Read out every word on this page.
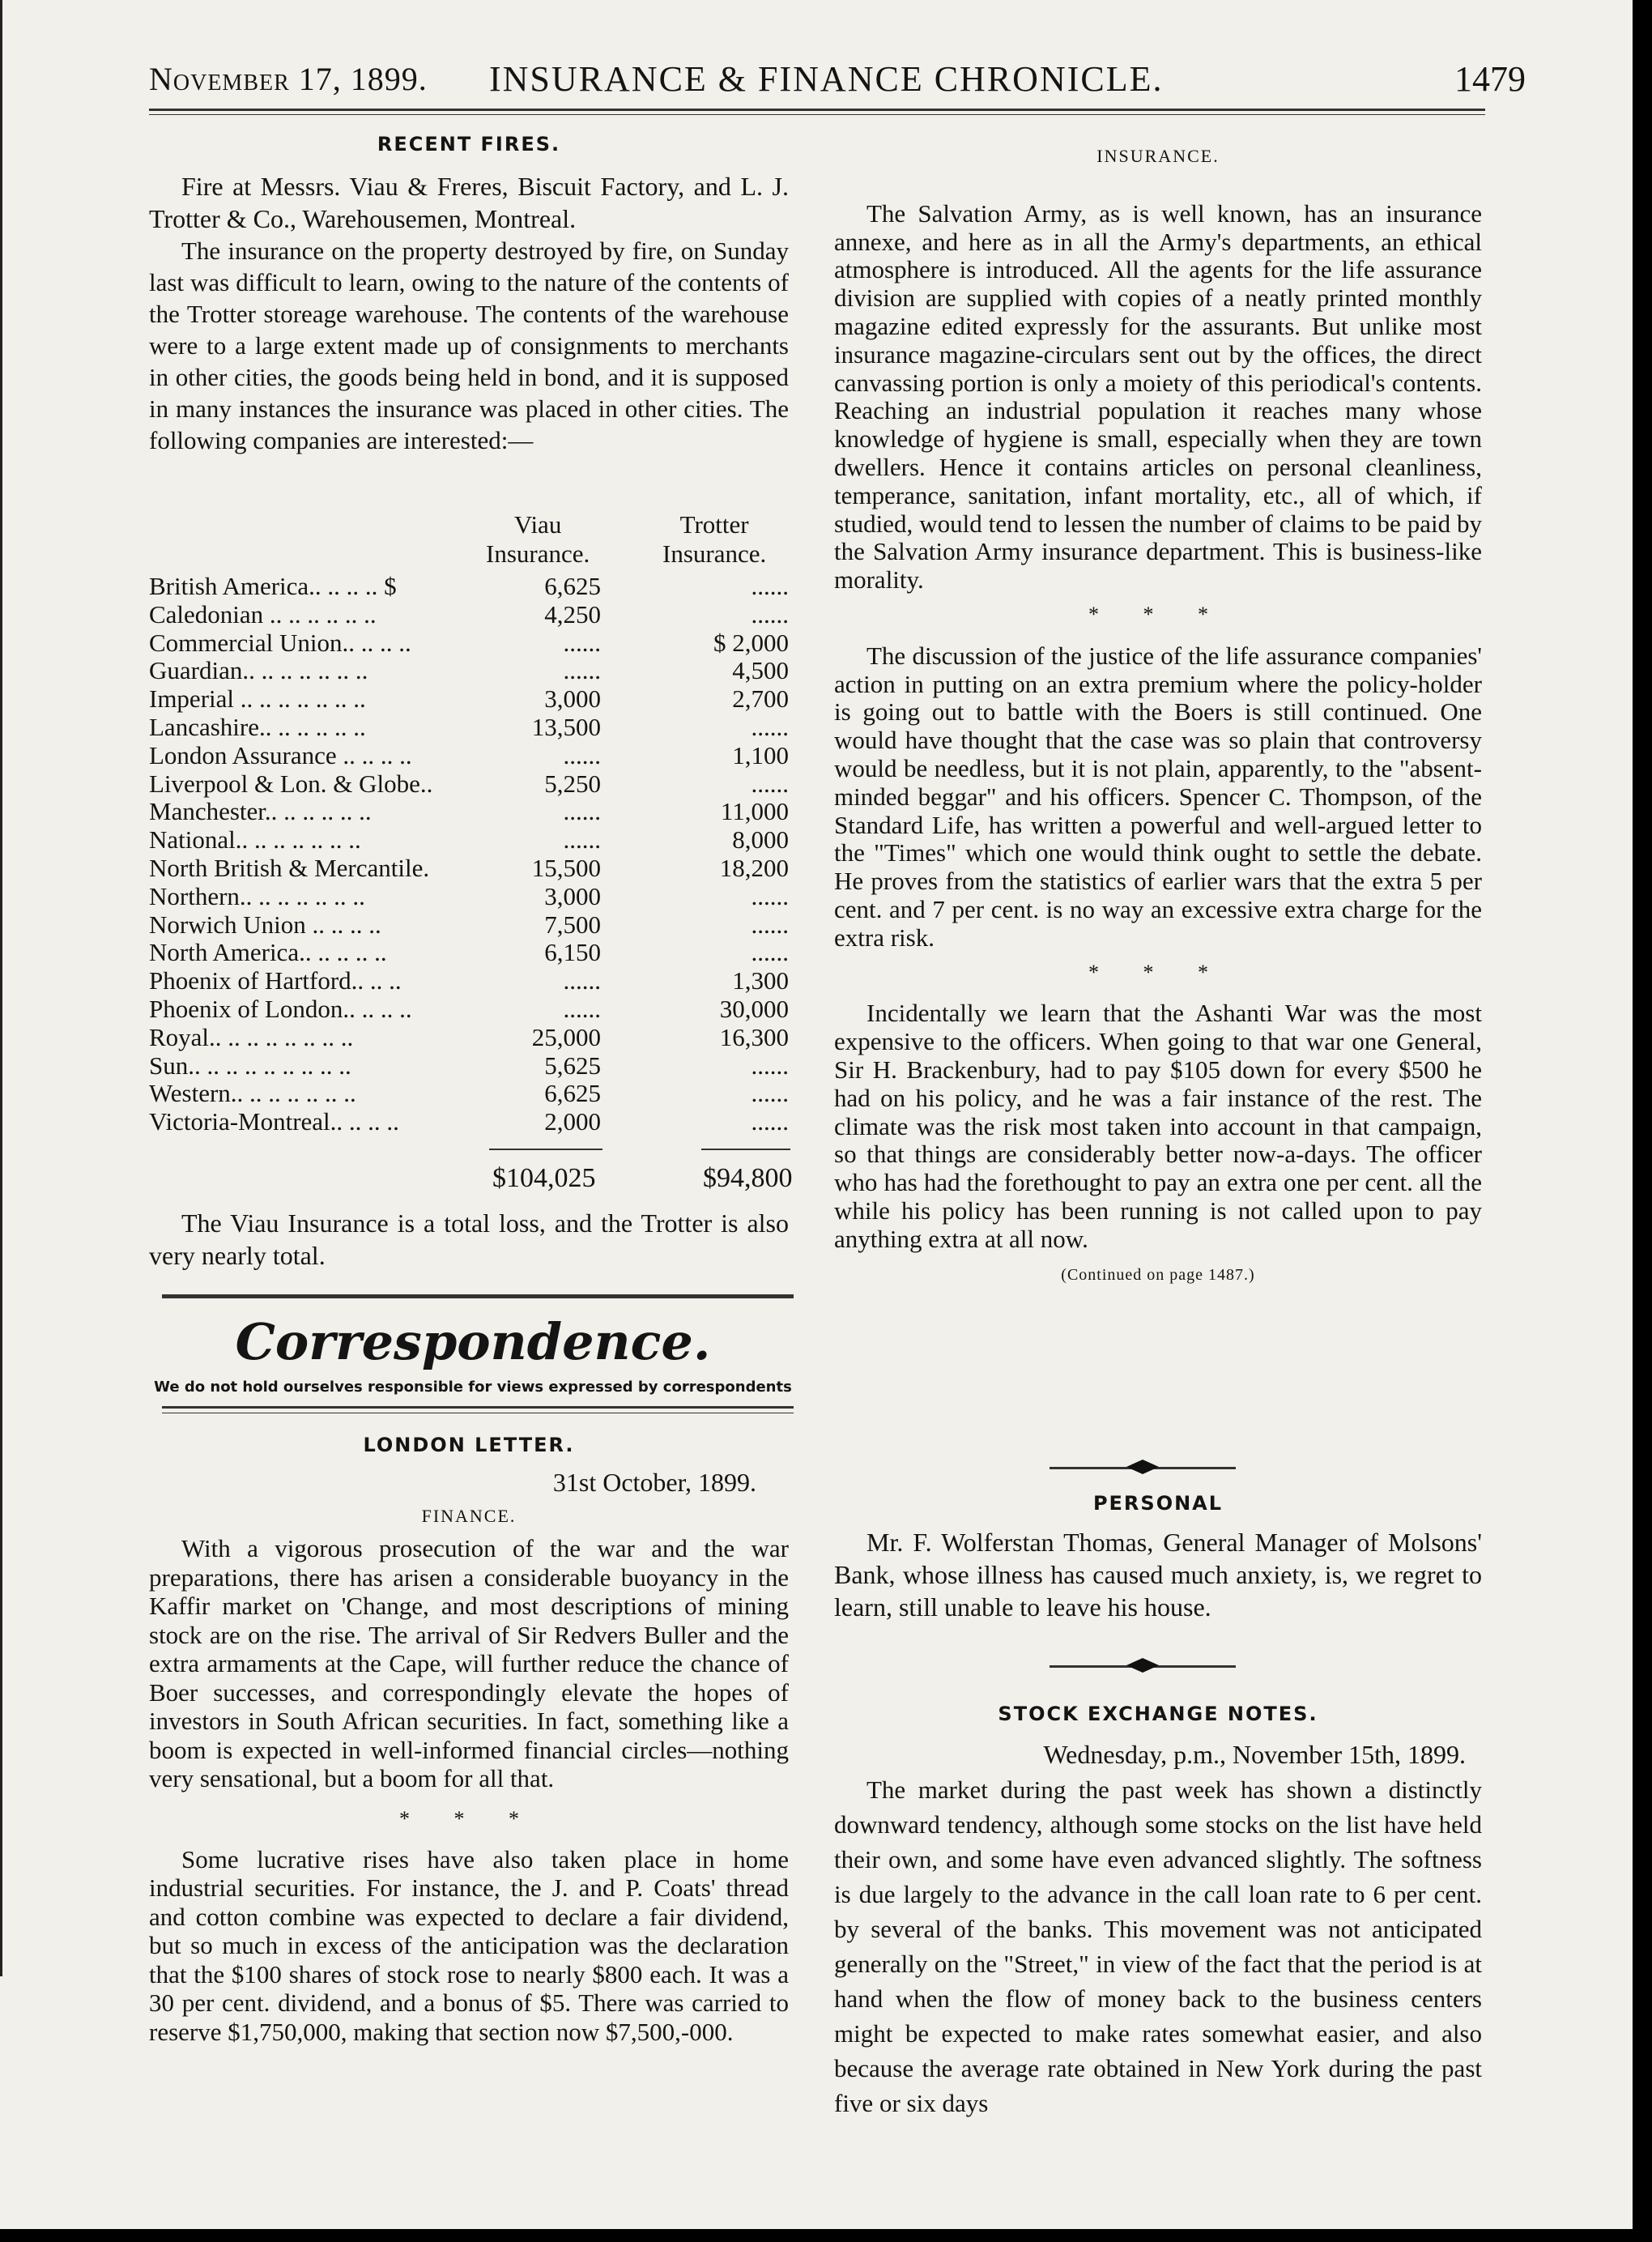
November 17, 1899. INSURANCE & FINANCE CHRONICLE.	1479
RECENT FIRES.

Fire at Messrs. Viau & Freres, Biscuit Factory, and L. J. Trotter & Co., Warehousemen, Montreal.

The insurance on the property destroyed by fire, on Sunday last was difficult to learn, owing to the nature of the contents of the Trotter storeage warehouse. The contents of the warehouse were to a large extent made up of consignments to merchants in other cities, the goods being held in bond, and it is supposed in many instances the insurance was placed in other cities. The following companies are interested:—

Viau
Insurance.
Trotter
Insurance.
British America.. .. .. .. $	6,625	......
Caledonian .. .. .. .. .. ..	4,250	......
Commercial Union.. .. .. ..	......	$ 2,000
Guardian.. .. .. .. .. .. ..	......	4,500
Imperial .. .. .. .. .. .. ..	3,000	2,700
Lancashire.. .. .. .. .. ..	13,500	......
London Assurance .. .. .. ..	......	1,100
Liverpool & Lon. & Globe..	5,250	......
Manchester.. .. .. .. .. ..	......	11,000
National.. .. .. .. .. .. ..	......	8,000
North British & Mercantile.	15,500	18,200
Northern.. .. .. .. .. .. ..	3,000	......
Norwich Union .. .. .. ..	7,500	......
North America.. .. .. .. ..	6,150	......
Phoenix of Hartford.. .. ..	......	1,300
Phoenix of London.. .. .. ..	......	30,000
Royal.. .. .. .. .. .. .. ..	25,000	16,300
Sun.. .. .. .. .. .. .. .. ..	5,625	......
Western.. .. .. .. .. .. ..	6,625	......
Victoria-Montreal.. .. .. ..	2,000	......
$104,025	$94,800

The Viau Insurance is a total loss, and the Trotter is also very nearly total.

Correspondence.
We do not hold ourselves responsible for views expressed by correspondents
LONDON LETTER.
31st October, 1899.
FINANCE.

With a vigorous prosecution of the war and the war preparations, there has arisen a considerable buoyancy in the Kaffir market on 'Change, and most descriptions of mining stock are on the rise. The arrival of Sir Redvers Buller and the extra armaments at the Cape, will further reduce the chance of Boer successes, and correspondingly elevate the hopes of investors in South African securities. In fact, something like a boom is expected in well-informed financial circles—nothing very sensational, but a boom for all that.

* * *

Some lucrative rises have also taken place in home industrial securities. For instance, the J. and P. Coats' thread and cotton combine was expected to declare a fair dividend, but so much in excess of the anticipation was the declaration that the $100 shares of stock rose to nearly $800 each. It was a 30 per cent. dividend, and a bonus of $5. There was carried to reserve $1,750,000, making that section now $7,500,-000.

INSURANCE.

The Salvation Army, as is well known, has an insurance annexe, and here as in all the Army's departments, an ethical atmosphere is introduced. All the agents for the life assurance division are supplied with copies of a neatly printed monthly magazine edited expressly for the assurants. But unlike most insurance magazine-circulars sent out by the offices, the direct canvassing portion is only a moiety of this periodical's contents. Reaching an industrial population it reaches many whose knowledge of hygiene is small, especially when they are town dwellers. Hence it contains articles on personal cleanliness, temperance, sanitation, infant mortality, etc., all of which, if studied, would tend to lessen the number of claims to be paid by the Salvation Army insurance department. This is business-like morality.

* * *

The discussion of the justice of the life assurance companies' action in putting on an extra premium where the policy-holder is going out to battle with the Boers is still continued. One would have thought that the case was so plain that controversy would be needless, but it is not plain, apparently, to the "absent-minded beggar" and his officers. Spencer C. Thompson, of the Standard Life, has written a powerful and well-argued letter to the "Times" which one would think ought to settle the debate. He proves from the statistics of earlier wars that the extra 5 per cent. and 7 per cent. is no way an excessive extra charge for the extra risk.

* * *

Incidentally we learn that the Ashanti War was the most expensive to the officers. When going to that war one General, Sir H. Brackenbury, had to pay $105 down for every $500 he had on his policy, and he was a fair instance of the rest. The climate was the risk most taken into account in that campaign, so that things are considerably better now-a-days. The officer who has had the forethought to pay an extra one per cent. all the while his policy has been running is not called upon to pay anything extra at all now.

(Continued on page 1487.)
PERSONAL

Mr. F. Wolferstan Thomas, General Manager of Molsons' Bank, whose illness has caused much anxiety, is, we regret to learn, still unable to leave his house.

STOCK EXCHANGE NOTES.
Wednesday, p.m., November 15th, 1899.

The market during the past week has shown a distinctly downward tendency, although some stocks on the list have held their own, and some have even advanced slightly. The softness is due largely to the advance in the call loan rate to 6 per cent. by several of the banks. This movement was not anticipated generally on the "Street," in view of the fact that the period is at hand when the flow of money back to the business centers might be expected to make rates somewhat easier, and also because the average rate obtained in New York during the past five or six days
